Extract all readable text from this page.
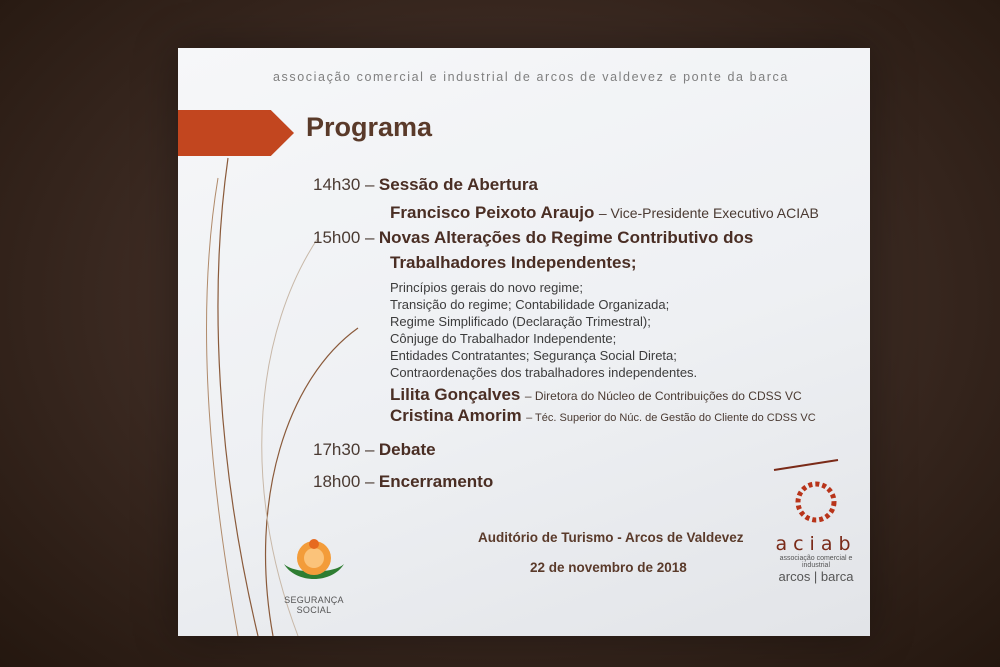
associação comercial e industrial de arcos de valdevez e ponte da barca
Programa
14h30 – Sessão de Abertura
Francisco Peixoto Araujo – Vice-Presidente Executivo ACIAB
15h00 – Novas Alterações do Regime Contributivo dos
Trabalhadores Independentes;
Princípios gerais do novo regime;
Transição do regime; Contabilidade Organizada;
Regime Simplificado (Declaração Trimestral);
Cônjuge do Trabalhador Independente;
Entidades Contratantes; Segurança Social Direta;
Contraordenações dos trabalhadores independentes.
Lilita Gonçalves – Diretora do Núcleo de Contribuições do CDSS VC
Cristina Amorim – Téc. Superior do Núc. de Gestão do Cliente do CDSS VC
17h30 – Debate
18h00 – Encerramento
Auditório de Turismo - Arcos de Valdevez
22 de novembro de 2018
SEGURANÇA SOCIAL
aciab
associação comercial e industrial
arcos | barca
